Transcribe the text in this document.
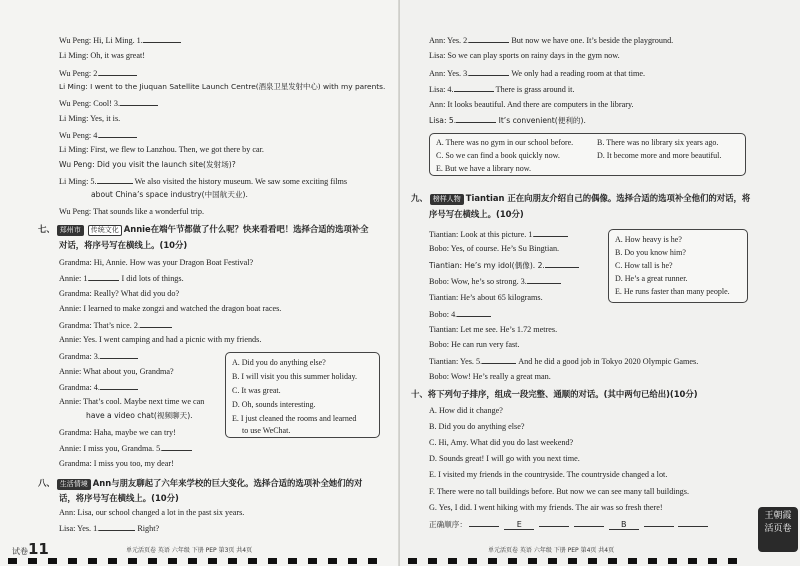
Wu Peng: Hi, Li Ming. 1.
Li Ming: Oh, it was great!
Wu Peng: 2.
Li Ming: I went to the Jiuquan Satellite Launch Centre(酒泉卫星发射中心) with my parents.
Wu Peng: Cool! 3.
Li Ming: Yes, it is.
Wu Peng: 4.
Li Ming: First, we flew to Lanzhou. Then, we got there by car.
Wu Peng: Did you visit the launch site(发射场)?
Li Ming: 5.	We also visited the history museum. We saw some exciting films
about China’s space industry(中国航天业).
Wu Peng: That sounds like a wonderful trip.
七、 郑州市 传统文化 Annie在端午节都做了什么呢？快来看看吧！选择合适的选项补全
对话，将序号写在横线上。(10分)
Grandma: Hi, Annie. How was your Dragon Boat Festival?
Annie: 1.	I did lots of things.
Grandma: Really? What did you do?
Annie: I learned to make zongzi and watched the dragon boat races.
Grandma: That’s nice. 2.
Annie: Yes. I went camping and had a picnic with my friends.
Grandma: 3.
Annie: What about you, Grandma?
Grandma: 4.
Annie: That’s cool. Maybe next time we can
have a video chat(视频聊天).
Grandma: Haha, maybe we can try!
Annie: I miss you, Grandma. 5.
Grandma: I miss you too, my dear!
A. Did you do anything else?
B. I will visit you this summer holiday.
C. It was great.
D. Oh, sounds interesting.
E. I just cleaned the rooms and learned
to use WeChat.
八、 生活情境 Ann与朋友聊起了六年来学校的巨大变化。选择合适的选项补全她们的对
话，将序号写在横线上。(10分)
Ann: Lisa, our school changed a lot in the past six years.
Lisa: Yes. 1.	Right?
试卷11	单元活页卷 英语 六年级 下册 PEP 第3页 共4页
Ann: Yes. 2.	But now we have one. It’s beside the playground.
Lisa: So we can play sports on rainy days in the gym now.
Ann: Yes. 3.	We only had a reading room at that time.
Lisa: 4.	There is grass around it.
Ann: It looks beautiful. And there are computers in the library.
Lisa: 5.	It’s convenient(便利的).
A. There was no gym in our school before.	B. There was no library six years ago.
C. So we can find a book quickly now.	D. It become more and more beautiful.
E. But we have a library now.
九、 榜样人物 Tiantian 正在向朋友介绍自己的偶像。选择合适的选项补全他们的对话，将
序号写在横线上。(10分)
Tiantian: Look at this picture. 1.
Bobo: Yes, of course. He’s Su Bingtian.
Tiantian: He’s my idol(偶像). 2.
Bobo: Wow, he’s so strong. 3.
Tiantian: He’s about 65 kilograms.
Bobo: 4.
Tiantian: Let me see. He’s 1.72 metres.
Bobo: He can run very fast.
Tiantian: Yes. 5.	And he did a good job in Tokyo 2020 Olympic Games.
Bobo: Wow! He’s really a great man.
A. How heavy is he?
B. Do you know him?
C. How tall is he?
D. He’s a great runner.
E. He runs faster than many people.
十、将下列句子排序，组成一段完整、通顺的对话。(其中两句已给出)(10分)
A. How did it change?
B. Did you do anything else?
C. Hi, Amy. What did you do last weekend?
D. Sounds great! I will go with you next time.
E. I visited my friends in the countryside. The countryside changed a lot.
F. There were no tall buildings before. But now we can see many tall buildings.
G. Yes, I did. I went hiking with my friends. The air was so fresh there!
正确顺序：	E	B
单元活页卷 英语 六年级 下册 PEP 第4页 共4页
王朝霞
活页卷
